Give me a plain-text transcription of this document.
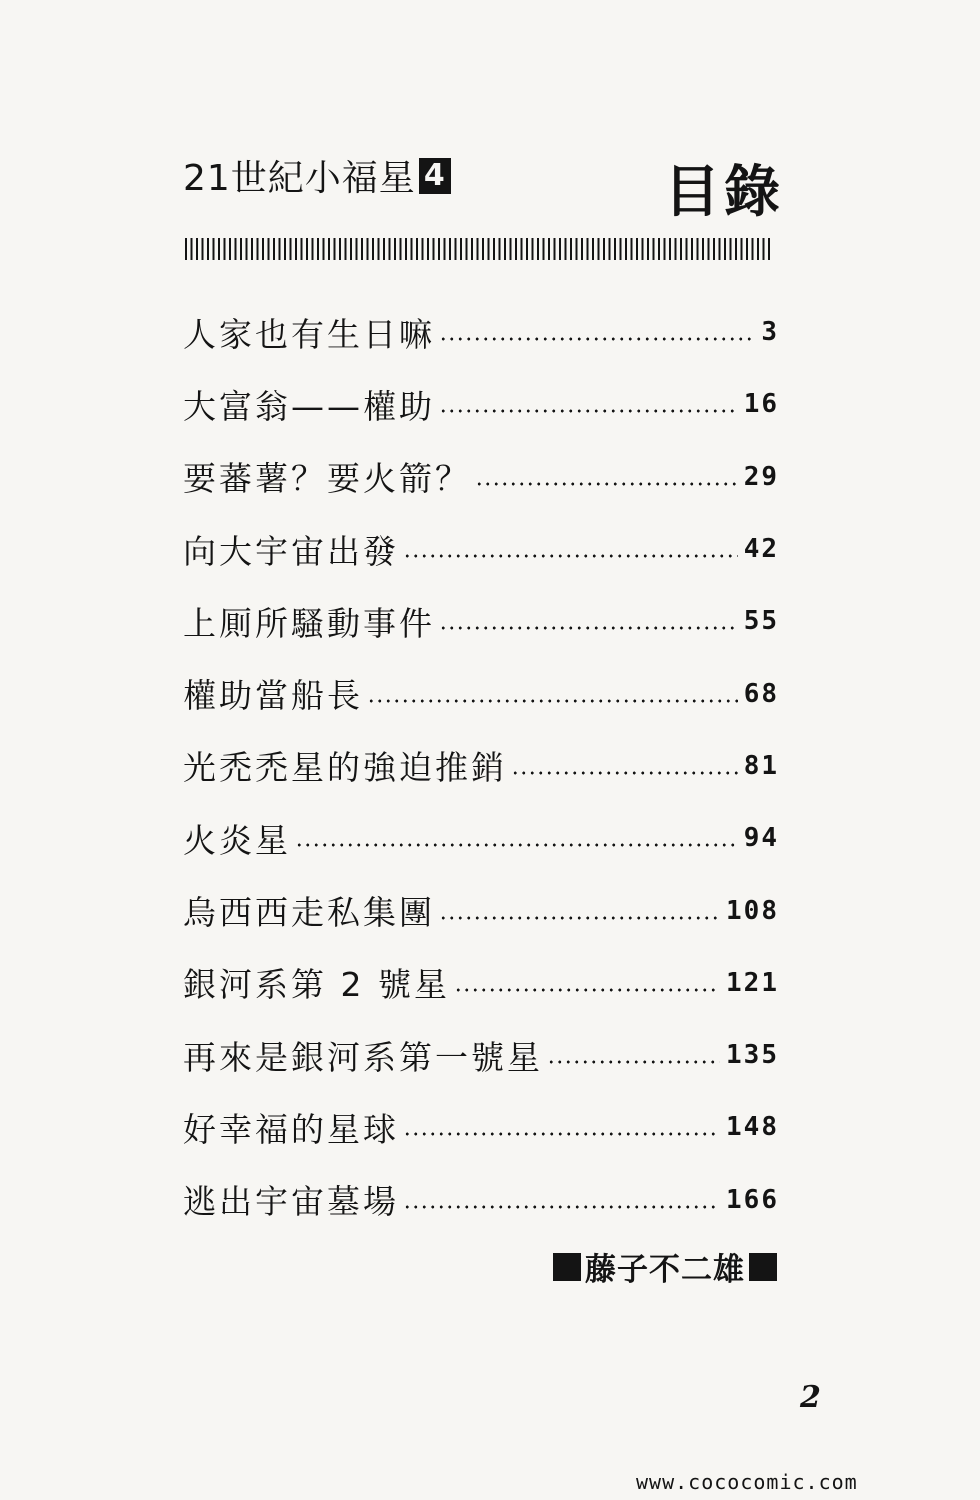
21世紀小福星 4	目錄
人家也有生日嘛	3
大富翁——權助	16
要蕃薯？要火箭？	29
向大宇宙出發	42
上厠所騷動事件	55
權助當船長	68
光禿禿星的強迫推銷	81
火炎星	94
烏西西走私集團	108
銀河系第 2 號星	121
再來是銀河系第一號星	135
好幸福的星球	148
逃出宇宙墓場	166
藤子不二雄
2
www.cococomic.com
